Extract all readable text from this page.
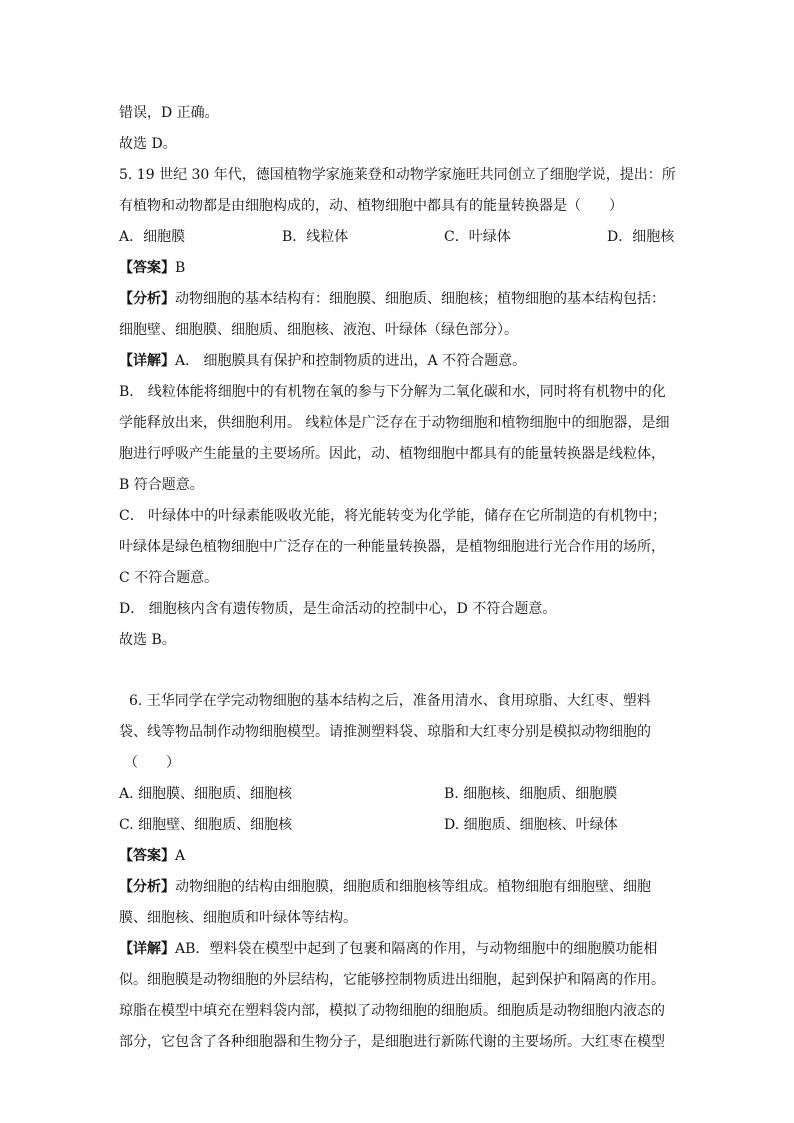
错误，D 正确。
故选 D。
5. 19 世纪 30 年代，德国植物学家施莱登和动物学家施旺共同创立了细胞学说，提出：所
有植物和动物都是由细胞构成的，动、植物细胞中都具有的能量转换器是（　　）
A．细胞膜	B．线粒体	C．叶绿体	D．细胞核
【答案】B
【分析】动物细胞的基本结构有：细胞膜、细胞质、细胞核；植物细胞的基本结构包括：
细胞壁、细胞膜、细胞质、细胞核、液泡、叶绿体（绿色部分）。
【详解】A． 细胞膜具有保护和控制物质的进出，A 不符合题意。
B． 线粒体能将细胞中的有机物在氧的参与下分解为二氧化碳和水，同时将有机物中的化
学能释放出来，供细胞利用。 线粒体是广泛存在于动物细胞和植物细胞中的细胞器，是细
胞进行呼吸产生能量的主要场所。因此，动、植物细胞中都具有的能量转换器是线粒体，
B 符合题意。
C． 叶绿体中的叶绿素能吸收光能，将光能转变为化学能，储存在它所制造的有机物中；
叶绿体是绿色植物细胞中广泛存在的一种能量转换器，是植物细胞进行光合作用的场所，
C 不符合题意。
D． 细胞核内含有遗传物质，是生命活动的控制中心，D 不符合题意。
故选 B。
6. 王华同学在学完动物细胞的基本结构之后，准备用清水、食用琼脂、大红枣、塑料
袋、线等物品制作动物细胞模型。请推测塑料袋、琼脂和大红枣分别是模拟动物细胞的
（　　）
A. 细胞膜、细胞质、细胞核	B. 细胞核、细胞质、细胞膜
C. 细胞壁、细胞质、细胞核	D. 细胞质、细胞核、叶绿体
【答案】A
【分析】动物细胞的结构由细胞膜，细胞质和细胞核等组成。植物细胞有细胞壁、细胞
膜、细胞核、细胞质和叶绿体等结构。
【详解】AB．塑料袋在模型中起到了包裹和隔离的作用，与动物细胞中的细胞膜功能相
似。细胞膜是动物细胞的外层结构，它能够控制物质进出细胞，起到保护和隔离的作用。
琼脂在模型中填充在塑料袋内部，模拟了动物细胞的细胞质。细胞质是动物细胞内液态的
部分，它包含了各种细胞器和生物分子，是细胞进行新陈代谢的主要场所。大红枣在模型
